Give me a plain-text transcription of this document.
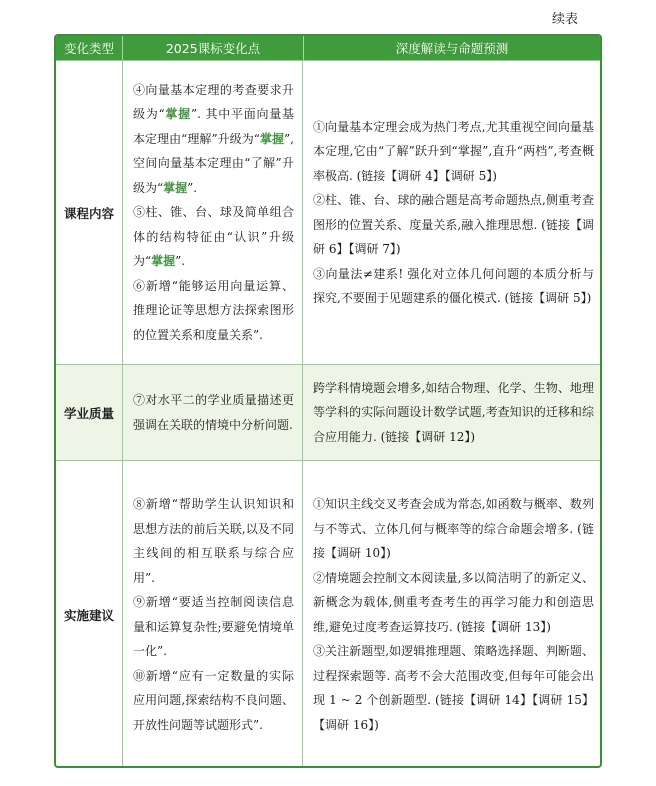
续表
变化类型	2025课标变化点	深度解读与命题预测
课程内容

④向量基本定理的考查要求升级为“掌握”. 其中平面向量基本定理由“理解”升级为“掌握”,空间向量基本定理由“了解”升级为“掌握”.

⑤柱、锥、台、球及简单组合体的结构特征由“认识”升级为“掌握”.

⑥新增“能够运用向量运算、推理论证等思想方法探索图形的位置关系和度量关系”.

①向量基本定理会成为热门考点,尤其重视空间向量基本定理,它由“了解”跃升到“掌握”,直升“两档”,考查概率极高. (链接【调研 4】【调研 5】)

②柱、锥、台、球的融合题是高考命题热点,侧重考查图形的位置关系、度量关系,融入推理思想. (链接【调研 6】【调研 7】)

③向量法≠建系! 强化对立体几何问题的本质分析与探究,不要囿于见题建系的僵化模式. (链接【调研 5】)

学业质量

⑦对水平二的学业质量描述更强调在关联的情境中分析问题.

跨学科情境题会增多,如结合物理、化学、生物、地理等学科的实际问题设计数学试题,考查知识的迁移和综合应用能力. (链接【调研 12】)

实施建议

⑧新增“帮助学生认识知识和思想方法的前后关联,以及不同主线间的相互联系与综合应用”.

⑨新增“要适当控制阅读信息量和运算复杂性;要避免情境单一化”.

⑩新增“应有一定数量的实际应用问题,探索结构不良问题、开放性问题等试题形式”.

①知识主线交叉考查会成为常态,如函数与概率、数列与不等式、立体几何与概率等的综合命题会增多. (链接【调研 10】)

②情境题会控制文本阅读量,多以简洁明了的新定义、新概念为载体,侧重考查考生的再学习能力和创造思维,避免过度考查运算技巧. (链接【调研 13】)

③关注新题型,如逻辑推理题、策略选择题、判断题、过程探索题等. 高考不会大范围改变,但每年可能会出现 1 ~ 2 个创新题型. (链接【调研 14】【调研 15】【调研 16】)
